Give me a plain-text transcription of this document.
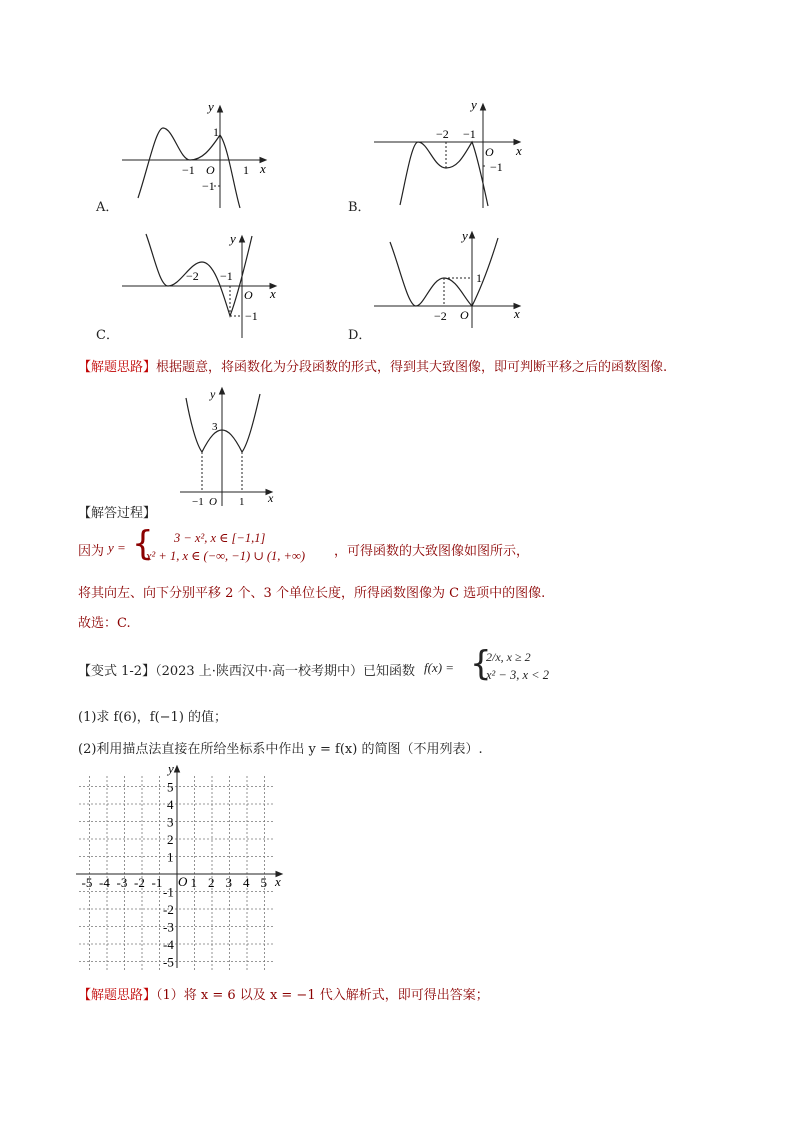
A．
y
x
O
−1	1
1
−1
B．
y
x
O
−2 −1
−1
C．
y
x
O
−2 −1
−1
D．
y
x
O
−2
1
【解题思路】根据题意，将函数化为分段函数的形式，得到其大致图像，即可判断平移之后的函数图像.
y
x
O
3
−1	1
【解答过程】
因为 y = { 3 − x², x ∈ [−1,1]
x² + 1, x ∈ (−∞, −1) ∪ (1, +∞) ，可得函数的大致图像如图所示，
将其向左、向下分别平移 2 个、3 个单位长度，所得函数图像为 C 选项中的图像.
故选：C.
【变式 1-2】（2023 上·陕西汉中·高一校考期中）已知函数 f(x) = {
2/x, x ≥ 2
x² − 3, x < 2
(1)求 f(6)，f(−1) 的值；
(2)利用描点法直接在所给坐标系中作出 y = f(x) 的简图（不用列表）.
y
x
O
-5 -4 -3 -2 -1 1 2 3 4 5
5
4
3
2
1
-1
-2
-3
-4
-5
【解题思路】（1）将 x = 6 以及 x = −1 代入解析式，即可得出答案；
